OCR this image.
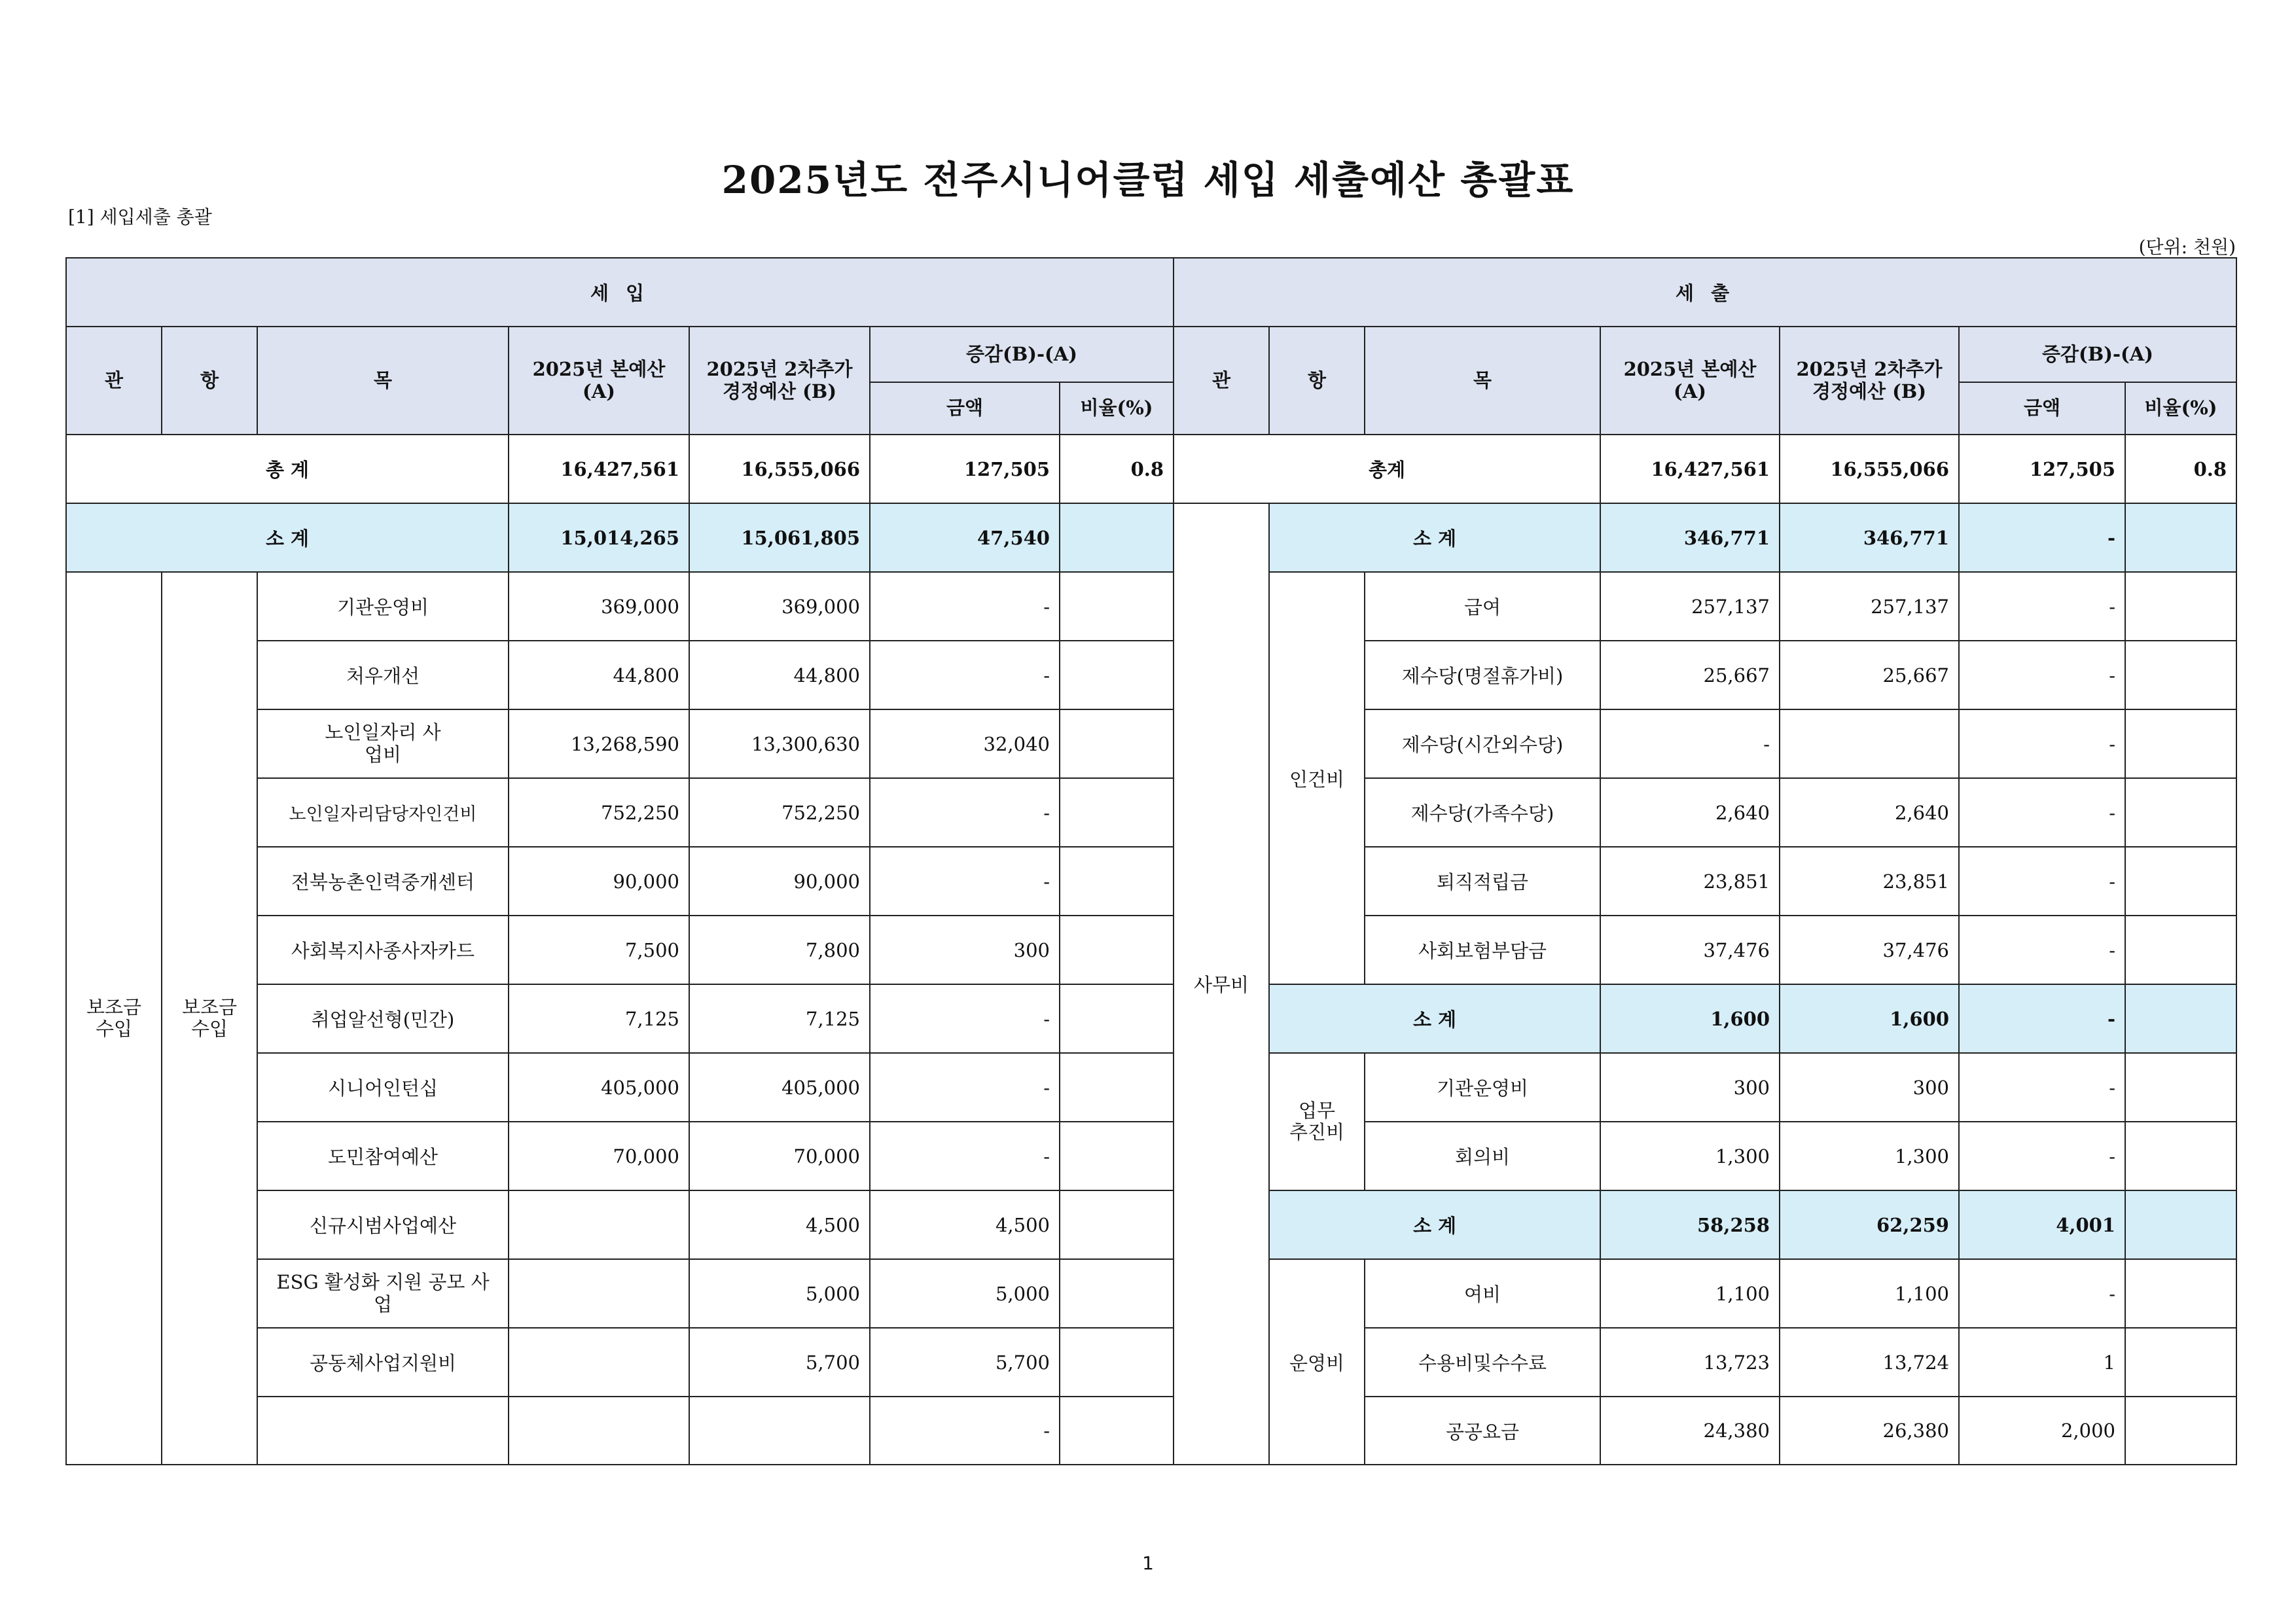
2025년도 전주시니어클럽 세입 세출예산 총괄표
[1] 세입세출 총괄
(단위: 천원)
세 입						
관	항	목	2025년 본예산(A)	2025년 2차추가경정예산 (B)	증감(B)-(A)	
					금액	비율(%)
총 계			16,427,561	16,555,066	127,505	0.8
소 계			15,014,265	15,061,805	47,540	
보조금 수입	보조금 수입	기관운영비	369,000	369,000	-	
		처우개선	44,800	44,800	-	

		노인일자리 사업비	13,268,590	13,300,630	32,040	
		노인일자리담당자인건비	752,250	752,250	-	
		전북농촌인력중개센터	90,000	90,000	-	
		사회복지사종사자카드	7,500	7,800	300	
		취업알선형(민간)	7,125	7,125	-	
		시니어인턴십	405,000	405,000	-	
		도민참여예산	70,000	70,000	-	
		신규시범사업예산		4,500	4,500	

		ESG 활성화 지원 공모 사업		5,000	5,000	
		공동체사업지원비		5,700	5,700	
					-	
세 출						
관	항	목	2025년 본예산(A)	2025년 2차추가경정예산 (B)	증감(B)-(A)	
					금액	비율(%)
총계			16,427,561	16,555,066	127,505	0.8
사무비	소 계		346,771	346,771	-	
	인건비	급여	257,137	257,137	-	
		제수당(명절휴가비)	25,667	25,667	-	
		제수당(시간외수당)	-		-	
		제수당(가족수당)	2,640	2,640	-	
		퇴직적립금	23,851	23,851	-	
		사회보험부담금	37,476	37,476	-	
	소 계		1,600	1,600	-	

	업무 추진비	기관운영비	300	300	-	
		회의비	1,300	1,300	-	
	소 계		58,258	62,259	4,001	
	운영비	여비	1,100	1,100	-	
		수용비및수수료	13,723	13,724	1	
		공공요금	24,380	26,380	2,000	
1
